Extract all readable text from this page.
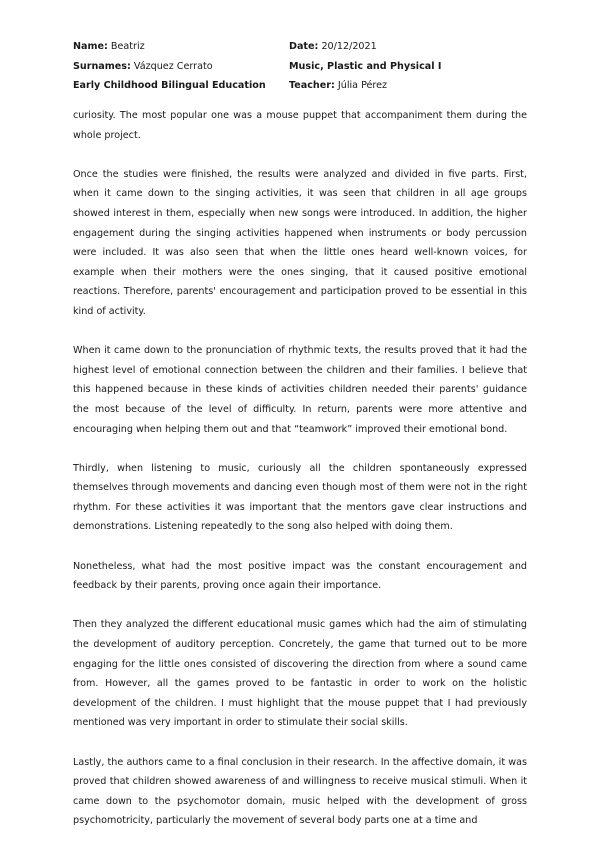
Name: Beatriz
Surnames: Vázquez Cerrato
Early Childhood Bilingual Education
Date: 20/12/2021
Music, Plastic and Physical I
Teacher: Júlia Pérez

curiosity. The most popular one was a mouse puppet that accompaniment them during the whole project.

Once the studies were finished, the results were analyzed and divided in five parts. First, when it came down to the singing activities, it was seen that children in all age groups showed interest in them, especially when new songs were introduced. In addition, the higher engagement during the singing activities happened when instruments or body percussion were included. It was also seen that when the little ones heard well-known voices, for example when their mothers were the ones singing, that it caused positive emotional reactions. Therefore, parents' encouragement and participation proved to be essential in this kind of activity.

When it came down to the pronunciation of rhythmic texts, the results proved that it had the highest level of emotional connection between the children and their families. I believe that this happened because in these kinds of activities children needed their parents' guidance the most because of the level of difficulty. In return, parents were more attentive and encouraging when helping them out and that “teamwork” improved their emotional bond.

Thirdly, when listening to music, curiously all the children spontaneously expressed themselves through movements and dancing even though most of them were not in the right rhythm. For these activities it was important that the mentors gave clear instructions and demonstrations. Listening repeatedly to the song also helped with doing them.

Nonetheless, what had the most positive impact was the constant encouragement and feedback by their parents, proving once again their importance.

Then they analyzed the different educational music games which had the aim of stimulating the development of auditory perception. Concretely, the game that turned out to be more engaging for the little ones consisted of discovering the direction from where a sound came from. However, all the games proved to be fantastic in order to work on the holistic development of the children. I must highlight that the mouse puppet that I had previously mentioned was very important in order to stimulate their social skills.

Lastly, the authors came to a final conclusion in their research. In the affective domain, it was proved that children showed awareness of and willingness to receive musical stimuli. When it came down to the psychomotor domain, music helped with the development of gross psychomotricity, particularly the movement of several body parts one at a time and
